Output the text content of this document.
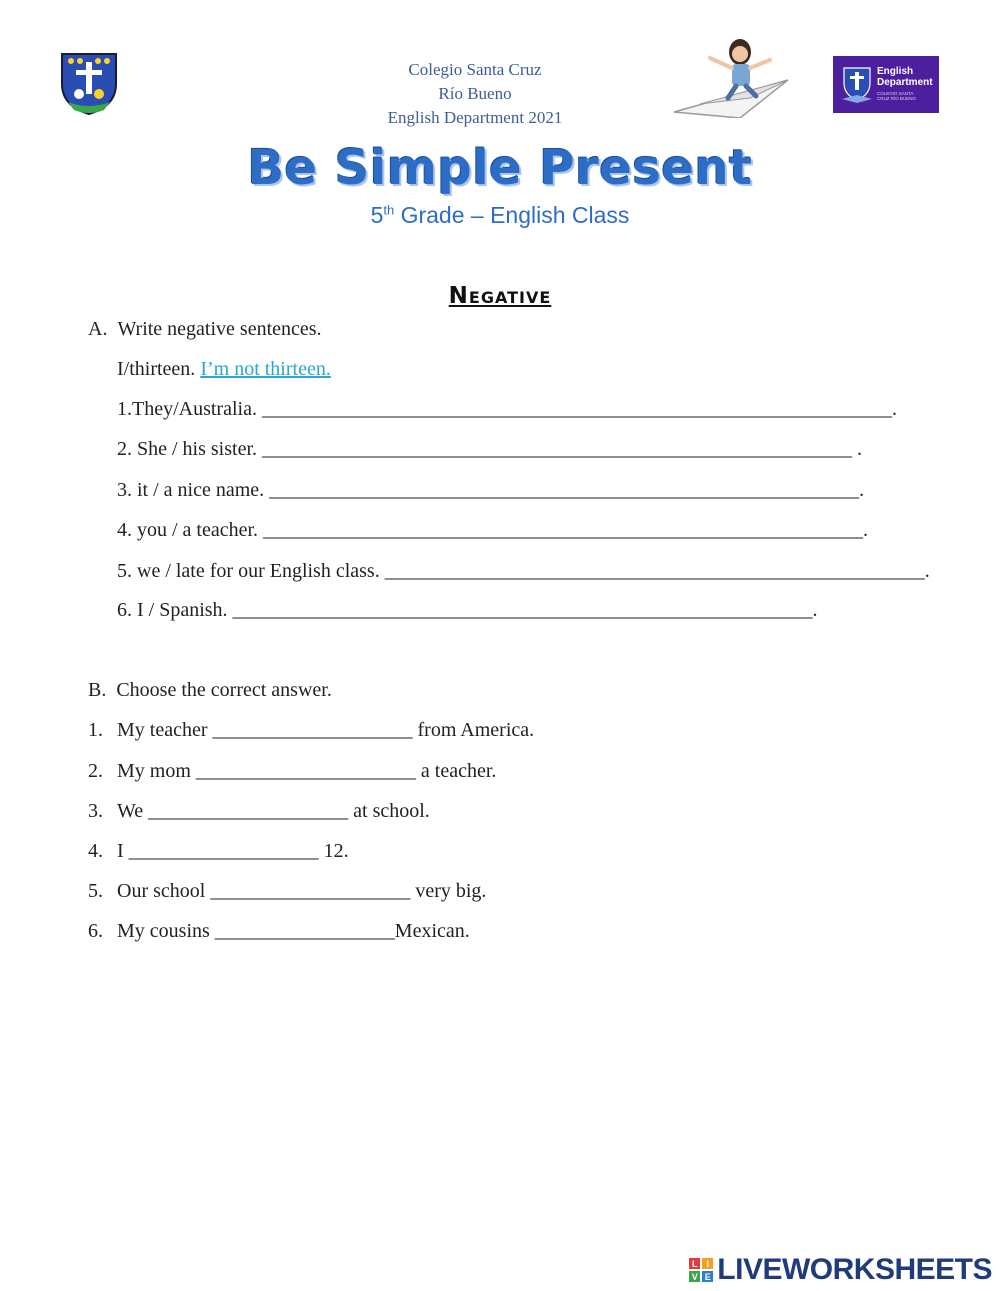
Colegio Santa Cruz
Río Bueno
English Department 2021
English Department
COLEGIO SANTA CRUZ RÍO BUENO
Be Simple Present
5th Grade – English Class
Negative
A. Write negative sentences.
I/thirteen. I’m not thirteen.
1.They/Australia. _______________________________________________________________.
2. She / his sister. ___________________________________________________________ .
3. it / a nice name. ___________________________________________________________.
4. you / a teacher. ____________________________________________________________.
5. we / late for our English class. ______________________________________________________.
6. I / Spanish. __________________________________________________________.
B. Choose the correct answer.
1. My teacher ____________________ from America.
2. My mom ______________________ a teacher.
3. We ____________________ at school.
4. I ___________________ 12.
5. Our school ____________________ very big.
6. My cousins __________________Mexican.
L I
V E LIVEWORKSHEETS
